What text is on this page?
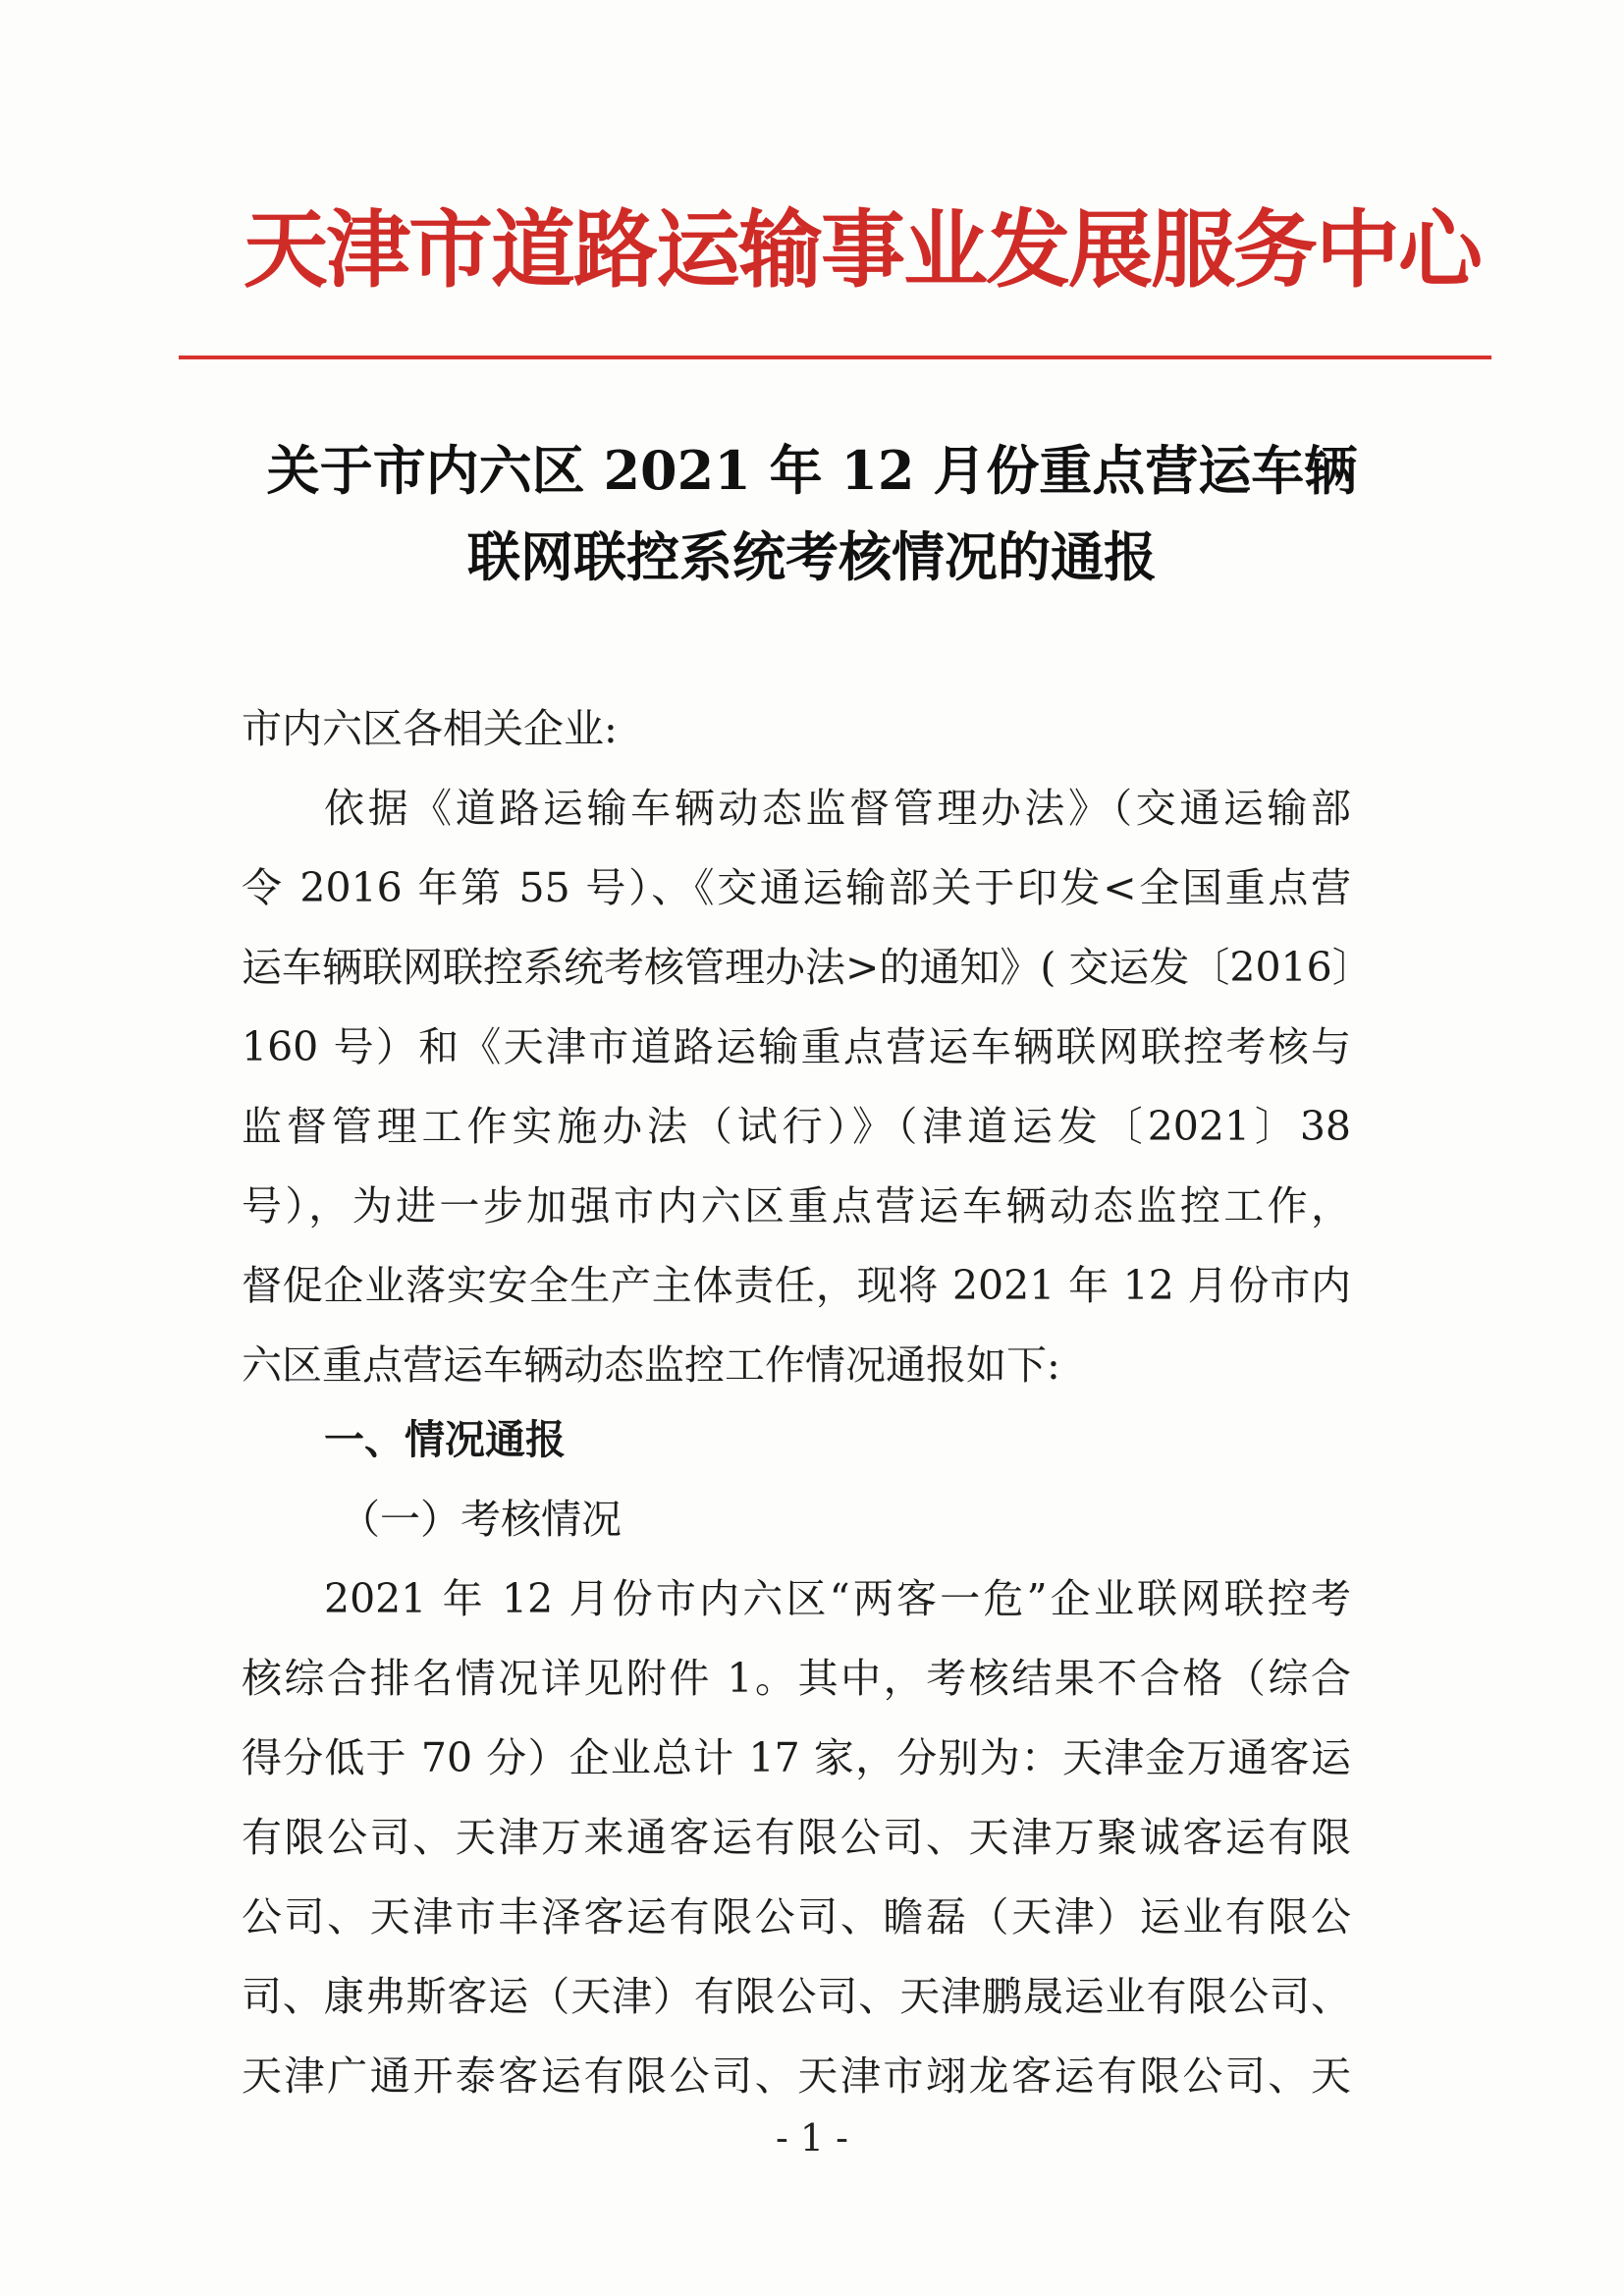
天津市道路运输事业发展服务中心
关于市内六区 2021 年 12 月份重点营运车辆
联网联控系统考核情况的通报
市内六区各相关企业:
依据《道路运输车辆动态监督管理办法》（交通运输部
令 2016 年第 55 号）、《交通运输部关于印发<全国重点营
运车辆联网联控系统考核管理办法>的通知》( 交运发〔2016〕
160 号）和《天津市道路运输重点营运车辆联网联控考核与
监督管理工作实施办法（试行）》（津道运发〔2021〕38
号），为进一步加强市内六区重点营运车辆动态监控工作，
督促企业落实安全生产主体责任，现将 2021 年 12 月份市内
六区重点营运车辆动态监控工作情况通报如下:
一、情况通报
（一）考核情况
2021 年 12 月份市内六区“两客一危”企业联网联控考
核综合排名情况详见附件 1。其中，考核结果不合格（综合
得分低于 70 分）企业总计 17 家，分别为：天津金万通客运
有限公司、天津万来通客运有限公司、天津万聚诚客运有限
公司、天津市丰泽客运有限公司、瞻磊（天津）运业有限公
司、康弗斯客运（天津）有限公司、天津鹏晟运业有限公司、
天津广通开泰客运有限公司、天津市翊龙客运有限公司、天
- 1 -
